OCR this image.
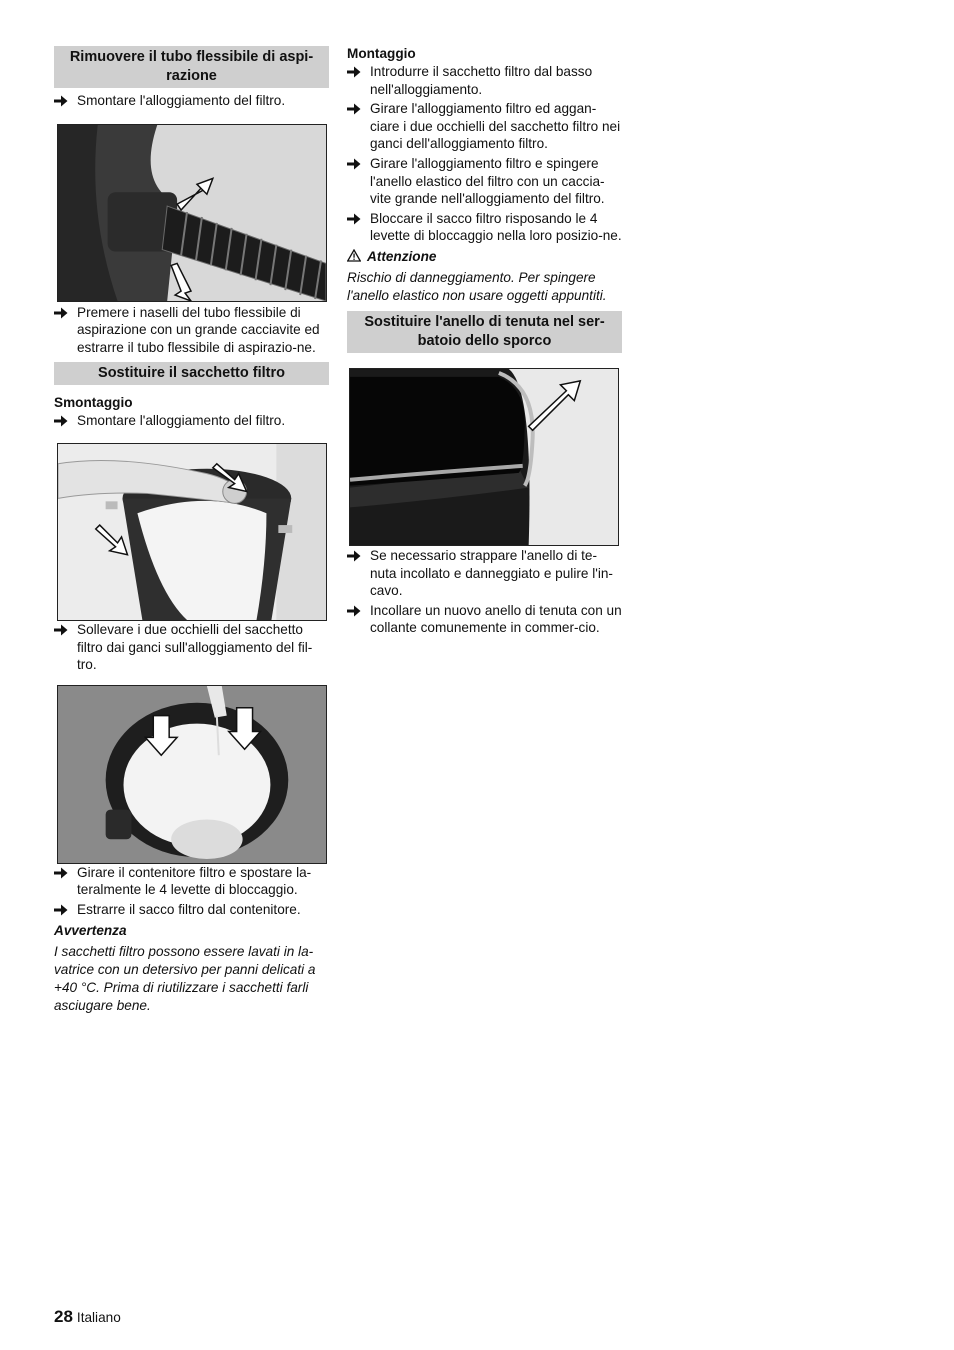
Rimuovere il tubo flessibile di aspi-razione
Smontare l'alloggiamento del filtro.
Premere i naselli del tubo flessibile di aspirazione con un grande cacciavite ed estrarre il tubo flessibile di aspirazio-ne.
Sostituire il sacchetto filtro
Smontaggio
Smontare l'alloggiamento del filtro.
Sollevare i due occhielli del sacchetto filtro dai ganci sull'alloggiamento del fil-tro.
Girare il contenitore filtro e spostare la-teralmente le 4 levette di bloccaggio.
Estrarre il sacco filtro dal contenitore.
Avvertenza
I sacchetti filtro possono essere lavati in la-vatrice con un detersivo per panni delicati a +40 °C. Prima di riutilizzare i sacchetti farli asciugare bene.
Montaggio
Introdurre il sacchetto filtro dal basso nell'alloggiamento.
Girare l'alloggiamento filtro ed aggan-ciare i due occhielli del sacchetto filtro nei ganci dell'alloggiamento filtro.
Girare l'alloggiamento filtro e spingere l'anello elastico del filtro con un caccia-vite grande nell'alloggiamento del filtro.
Bloccare il sacco filtro risposando le 4 levette di bloccaggio nella loro posizio-ne.
Attenzione
Rischio di danneggiamento. Per spingere l'anello elastico non usare oggetti appuntiti.
Sostituire l'anello di tenuta nel ser-batoio dello sporco
Se necessario strappare l'anello di te-nuta incollato e danneggiato e pulire l'in-cavo.
Incollare un nuovo anello di tenuta con un collante comunemente in commer-cio.
28 Italiano
